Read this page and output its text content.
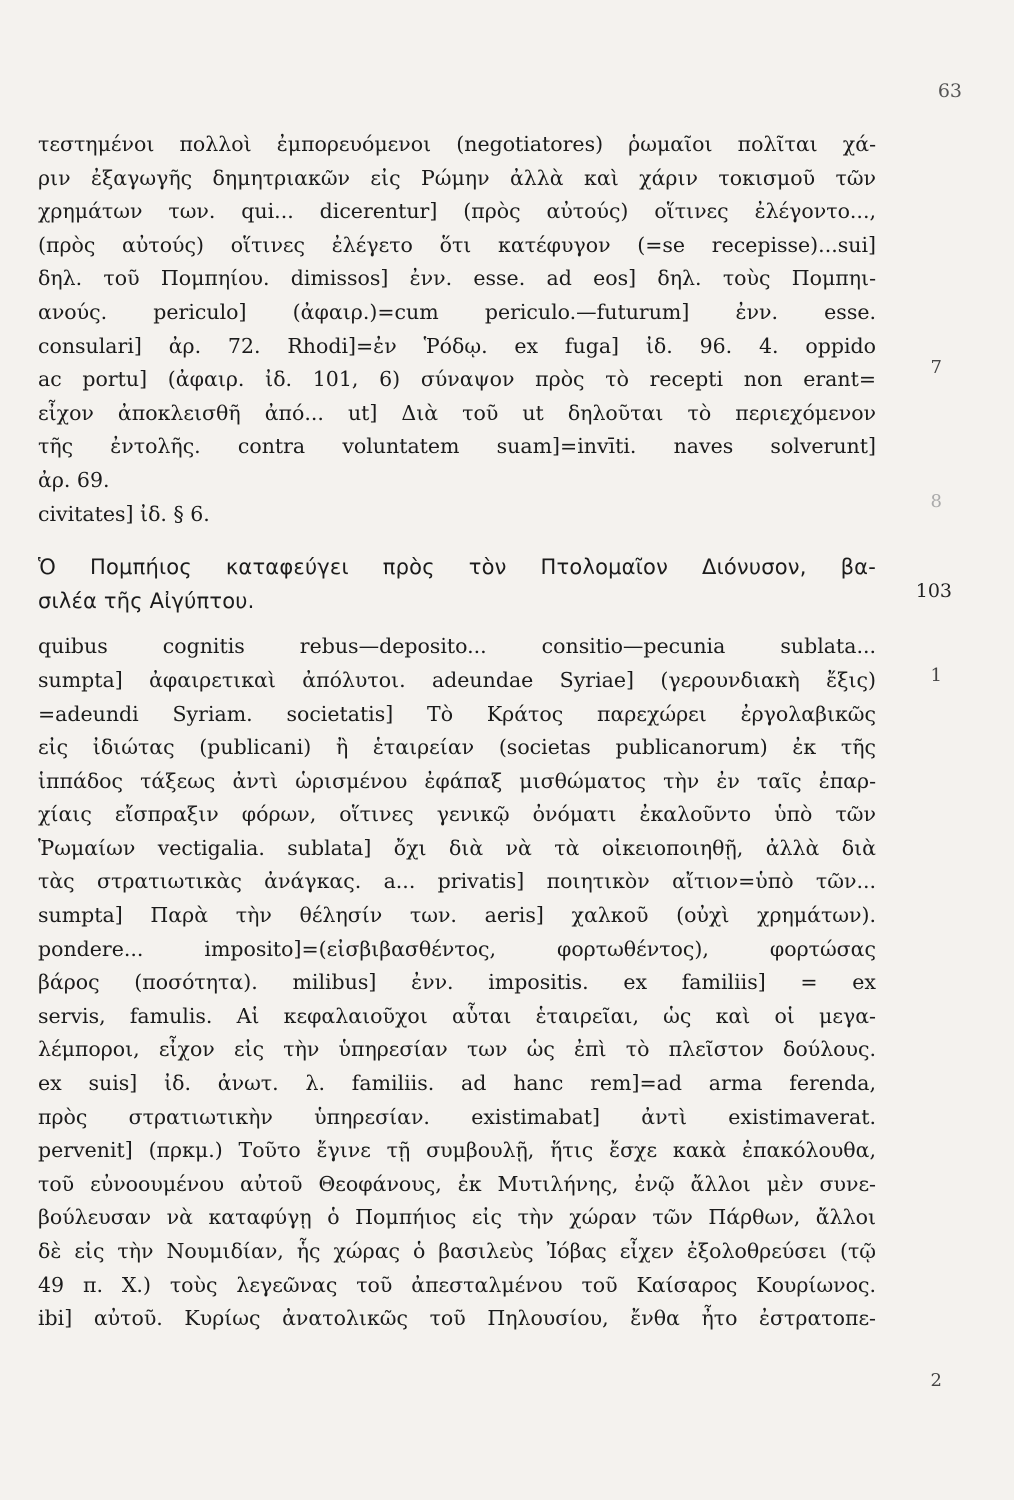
63
τεστημένοι πολλοὶ ἐμπορευόμενοι (negotiatores) ῥωμαῖοι πολῖται χά-
ριν ἐξαγωγῆς δημητριακῶν εἰς Ρώμην ἀλλὰ καὶ χάριν τοκισμοῦ τῶν
χρημάτων των. qui... dicerentur] (πρὸς αὐτούς) οἵτινες ἐλέγοντο...,
(πρὸς αὐτούς) οἵτινες ἐλέγετο ὅτι κατέφυγον (=se recepisse)...sui]
δηλ. τοῦ Πομπηίου. dimissos] ἐνν. esse. ad eos] δηλ. τοὺς Πομπηι-
ανούς. periculo] (ἀφαιρ.)=cum periculo.—futurum] ἐνν. esse.
consulari] ἀρ. 72. Rhodi]=ἐν Ῥόδῳ. ex fuga] ἰδ. 96. 4. oppido
ac portu] (ἀφαιρ. ἰδ. 101, 6) σύναψον πρὸς τὸ recepti non erant=
εἶχον ἀποκλεισθῆ ἀπό... ut] Διὰ τοῦ ut δηλοῦται τὸ περιεχόμενον
τῆς ἐντολῆς. contra voluntatem suam]=invīti. naves solverunt]
ἀρ. 69.
civitates] ἰδ. § 6.
Ὁ Πομπήιος καταφεύγει πρὸς τὸν Πτολομαῖον Διόνυσον, βα-
σιλέα τῆς Αἰγύπτου.
quibus cognitis rebus—deposito... consitio—pecunia sublata...
sumpta] ἀφαιρετικαὶ ἀπόλυτοι. adeundae Syriae] (γερουνδιακὴ ἔξις)
=adeundi Syriam. societatis] Τὸ Κράτος παρεχώρει ἐργολαβικῶς
εἰς ἰδιώτας (publicani) ἢ ἑταιρείαν (societas publicanorum) ἐκ τῆς
ἱππάδος τάξεως ἀντὶ ὡρισμένου ἐφάπαξ μισθώματος τὴν ἐν ταῖς ἐπαρ-
χίαις εἴσπραξιν φόρων, οἵτινες γενικῷ ὀνόματι ἐκαλοῦντο ὑπὸ τῶν
Ῥωμαίων vectigalia. sublata] ὄχι διὰ νὰ τὰ οἰκειοποιηθῇ, ἀλλὰ διὰ
τὰς στρατιωτικὰς ἀνάγκας. a... privatis] ποιητικὸν αἴτιον=ὑπὸ τῶν...
sumpta] Παρὰ τὴν θέλησίν των. aeris] χαλκοῦ (οὐχὶ χρημάτων).
pondere... imposito]=(εἰσβιβασθέντος, φορτωθέντος), φορτώσας
βάρος (ποσότητα). milibus] ἐνν. impositis. ex familiis] = ex
servis, famulis. Αἱ κεφαλαιοῦχοι αὗται ἑταιρεῖαι, ὡς καὶ οἱ μεγα-
λέμποροι, εἶχον εἰς τὴν ὑπηρεσίαν των ὡς ἐπὶ τὸ πλεῖστον δούλους.
ex suis] ἰδ. ἀνωτ. λ. familiis. ad hanc rem]=ad arma ferenda,
πρὸς στρατιωτικὴν ὑπηρεσίαν. existimabat] ἀντὶ existimaverat.
pervenit] (πρκμ.) Τοῦτο ἔγινε τῇ συμβουλῇ, ἥτις ἔσχε κακὰ ἐπακόλουθα,
τοῦ εὐνοουμένου αὐτοῦ Θεοφάνους, ἐκ Μυτιλήνης, ἐνῷ ἄλλοι μὲν συνε-
βούλευσαν νὰ καταφύγῃ ὁ Πομπήιος εἰς τὴν χώραν τῶν Πάρθων, ἄλλοι
δὲ εἰς τὴν Νουμιδίαν, ἧς χώρας ὁ βασιλεὺς Ἰόβας εἶχεν ἐξολοθρεύσει (τῷ
49 π. Χ.) τοὺς λεγεῶνας τοῦ ἀπεσταλμένου τοῦ Καίσαρος Κουρίωνος.
ibi] αὐτοῦ. Κυρίως ἀνατολικῶς τοῦ Πηλουσίου, ἔνθα ἦτο ἐστρατοπε-
7
8
103
1
2
